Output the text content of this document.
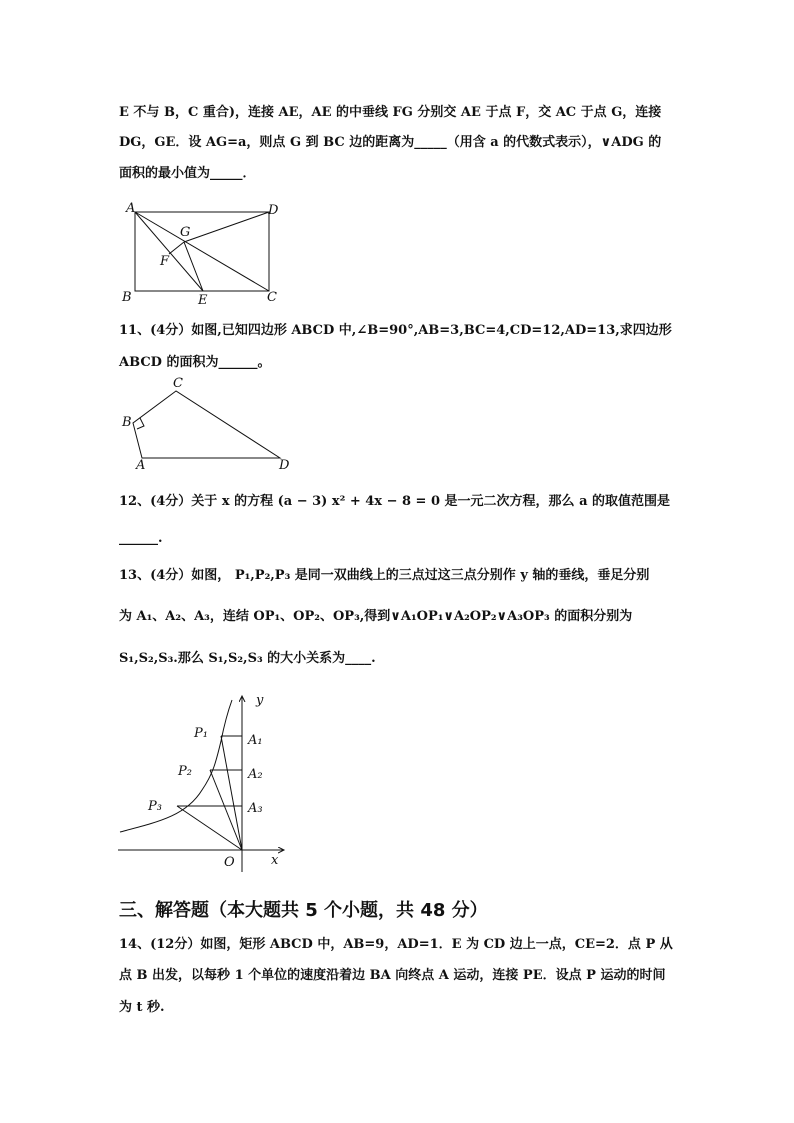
E 不与 B，C 重合)，连接 AE，AE 的中垂线 FG 分别交 AE 于点 F，交 AC 于点 G，连接
DG，GE．设 AG=a，则点 G 到 BC 边的距离为_____（用含 a 的代数式表示），∨ADG 的
面积的最小值为_____．
A	D
G
F
B	E	C
11、(4分）如图,已知四边形 ABCD 中,∠B=90°,AB=3,BC=4,CD=12,AD=13,求四边形
ABCD 的面积为______。
C
B
A	D
12、(4分）关于 x 的方程 (a − 3) x² + 4x − 8 = 0 是一元二次方程，那么 a 的取值范围是
______.
13、(4分）如图， P₁,P₂,P₃ 是同一双曲线上的三点过这三点分别作 y 轴的垂线，垂足分别
为 A₁、A₂、A₃，连结 OP₁、OP₂、OP₃,得到∨A₁OP₁∨A₂OP₂∨A₃OP₃ 的面积分别为
S₁,S₂,S₃.那么 S₁,S₂,S₃ 的大小关系为____.
y
x
O
P₁
P₂
P₃
A₁
A₂
A₃
三、解答题（本大题共 5 个小题，共 48 分）
14、(12分）如图，矩形 ABCD 中，AB=9，AD=1．E 为 CD 边上一点，CE=2．点 P 从
点 B 出发，以每秒 1 个单位的速度沿着边 BA 向终点 A 运动，连接 PE．设点 P 运动的时间
为 t 秒.
